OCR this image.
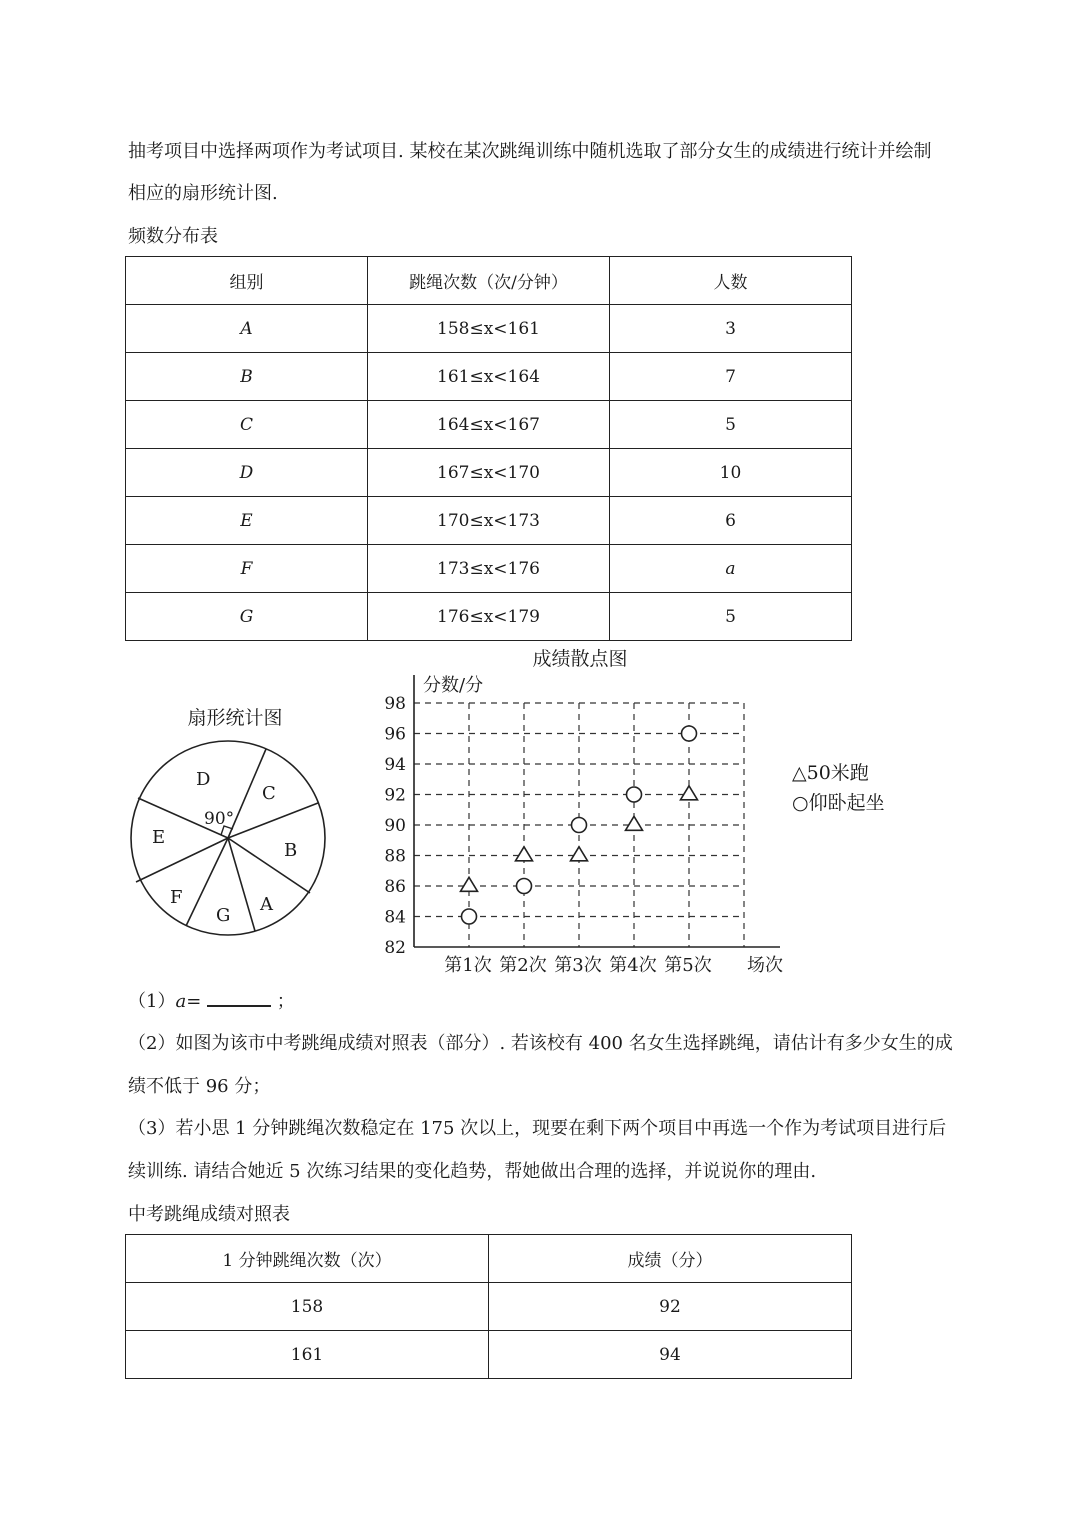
抽考项目中选择两项作为考试项目. 某校在某次跳绳训练中随机选取了部分女生的成绩进行统计并绘制
相应的扇形统计图.
频数分布表
组别	跳绳次数（次/分钟）	人数
A	158≤x<161	3
B	161≤x<164	7
C	164≤x<167	5
D	167≤x<170	10
E	170≤x<173	6
F	173≤x<176	a
G	176≤x<179	5
扇形统计图
90°
D
C
E
B
F
G
A
成绩散点图
分数/分
场次
82
84
86
88
90
92
94
96
98
第1次 第2次 第3次 第4次 第5次
△50米跑
○仰卧起坐
（1）a=	；
（2）如图为该市中考跳绳成绩对照表（部分）. 若该校有 400 名女生选择跳绳，请估计有多少女生的成
绩不低于 96 分；
（3）若小思 1 分钟跳绳次数稳定在 175 次以上，现要在剩下两个项目中再选一个作为考试项目进行后
续训练. 请结合她近 5 次练习结果的变化趋势，帮她做出合理的选择，并说说你的理由.
中考跳绳成绩对照表
1 分钟跳绳次数（次）	成绩（分）
158	92
161	94
